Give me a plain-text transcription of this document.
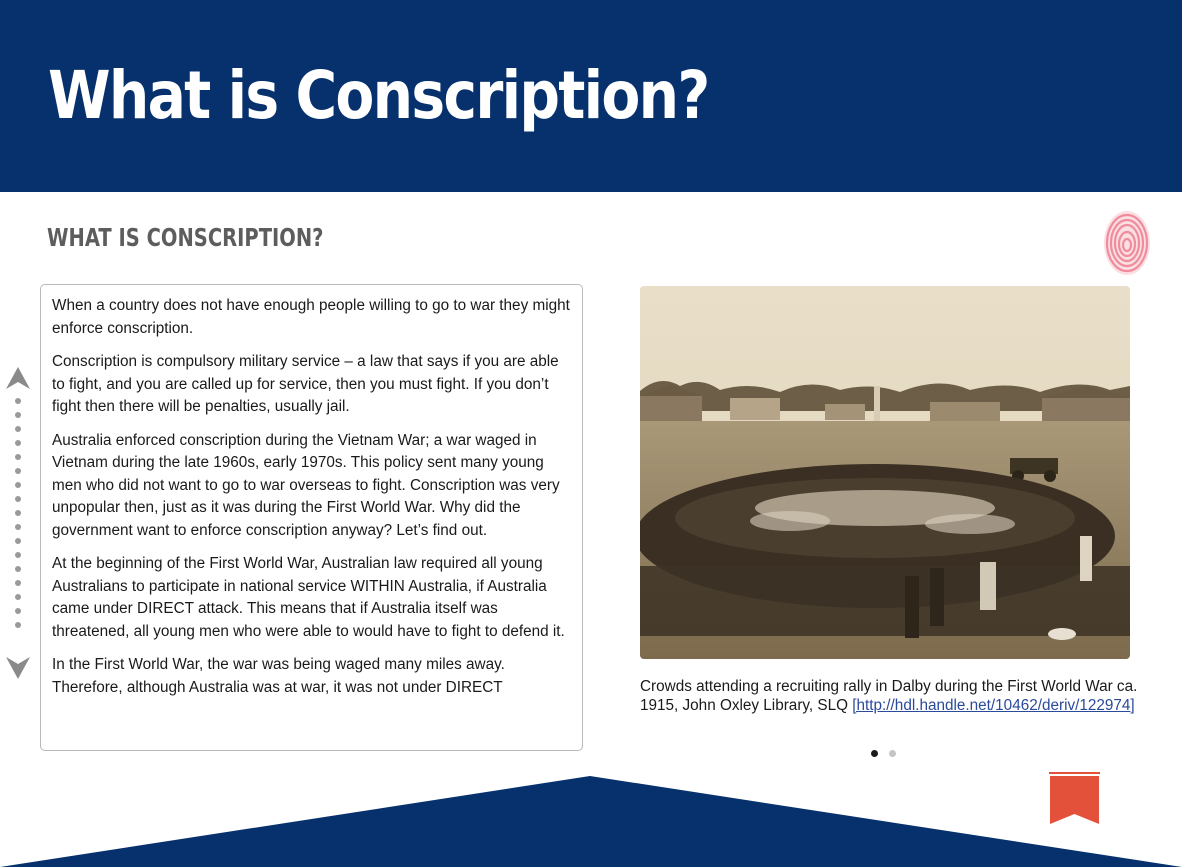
What is Conscription?
WHAT IS CONSCRIPTION?

When a country does not have enough people willing to go to war they might enforce conscription.

Conscription is compulsory military service – a law that says if you are able to fight, and you are called up for service, then you must fight. If you don’t fight then there will be penalties, usually jail.

Australia enforced conscription during the Vietnam War; a war waged in Vietnam during the late 1960s, early 1970s. This policy sent many young men who did not want to go to war overseas to fight. Conscription was very unpopular then, just as it was during the First World War. Why did the government want to enforce conscription anyway? Let’s find out.

At the beginning of the First World War, Australian law required all young Australians to participate in national service WITHIN Australia, if Australia came under DIRECT attack. This means that if Australia itself was threatened, all young men who were able to would have to fight to defend it.

In the First World War, the war was being waged many miles away. Therefore, although Australia was at war, it was not under DIRECT	Crowds attending a recruiting rally in Dalby during the First World War ca. 1915, John Oxley Library, SLQ [http://hdl.handle.net/10462/deriv/122974]
